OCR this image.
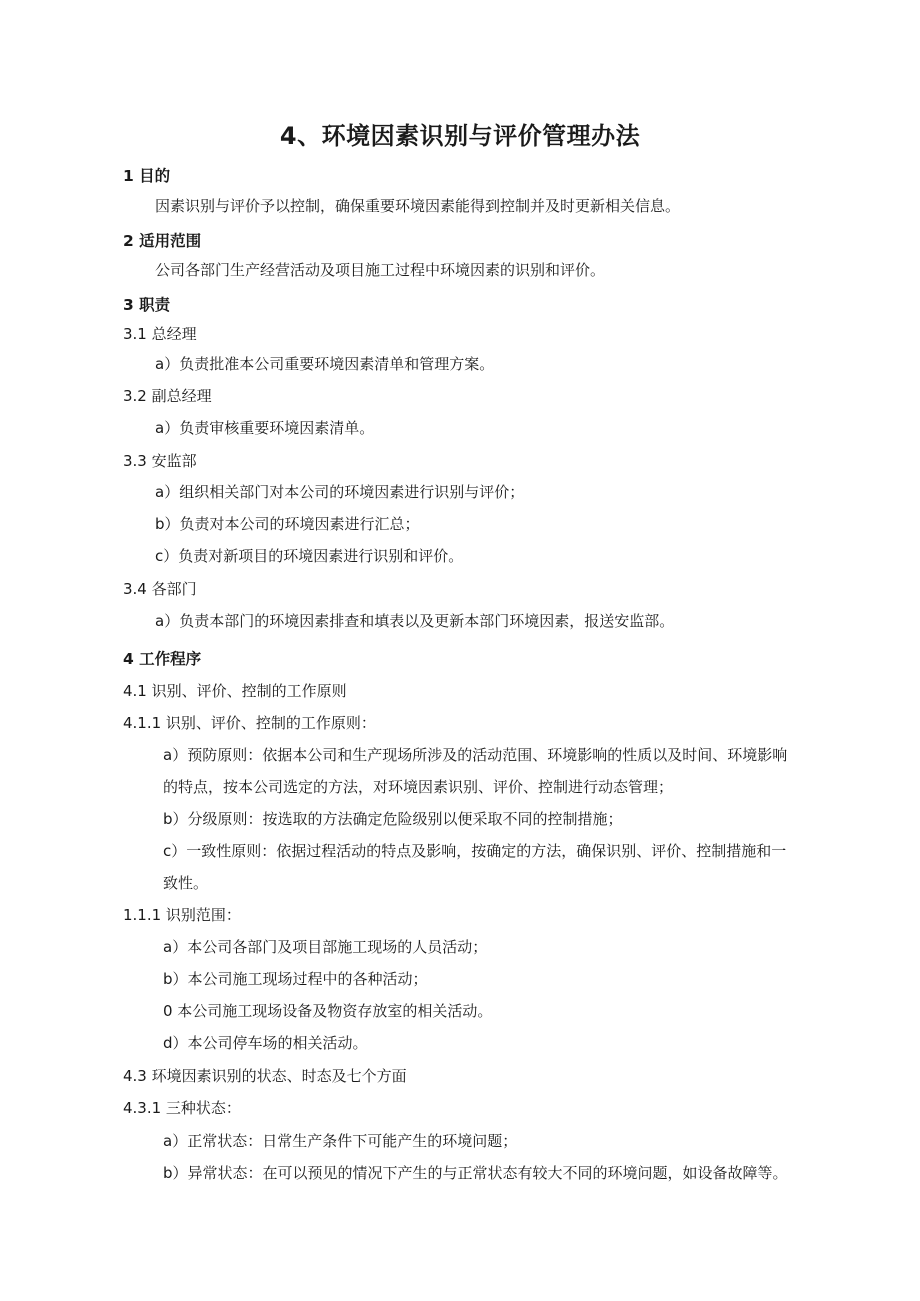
4、环境因素识别与评价管理办法
1 目的
因素识别与评价予以控制，确保重要环境因素能得到控制并及时更新相关信息。
2 适用范围
公司各部门生产经营活动及项目施工过程中环境因素的识别和评价。
3 职责
3.1 总经理
a）负责批准本公司重要环境因素清单和管理方案。
3.2 副总经理
a）负责审核重要环境因素清单。
3.3 安监部
a）组织相关部门对本公司的环境因素进行识别与评价；
b）负责对本公司的环境因素进行汇总；
c）负责对新项目的环境因素进行识别和评价。
3.4 各部门
a）负责本部门的环境因素排查和填表以及更新本部门环境因素，报送安监部。
4 工作程序
4.1 识别、评价、控制的工作原则
4.1.1 识别、评价、控制的工作原则：
a）预防原则：依据本公司和生产现场所涉及的活动范围、环境影响的性质以及时间、环境影响
的特点，按本公司选定的方法，对环境因素识别、评价、控制进行动态管理；
b）分级原则：按选取的方法确定危险级别以便采取不同的控制措施；
c）一致性原则：依据过程活动的特点及影响，按确定的方法，确保识别、评价、控制措施和一
致性。
1.1.1 识别范围：
a）本公司各部门及项目部施工现场的人员活动；
b）本公司施工现场过程中的各种活动；
0 本公司施工现场设备及物资存放室的相关活动。
d）本公司停车场的相关活动。
4.3 环境因素识别的状态、时态及七个方面
4.3.1 三种状态：
a）正常状态：日常生产条件下可能产生的环境问题；
b）异常状态：在可以预见的情况下产生的与正常状态有较大不同的环境问题，如设备故障等。
